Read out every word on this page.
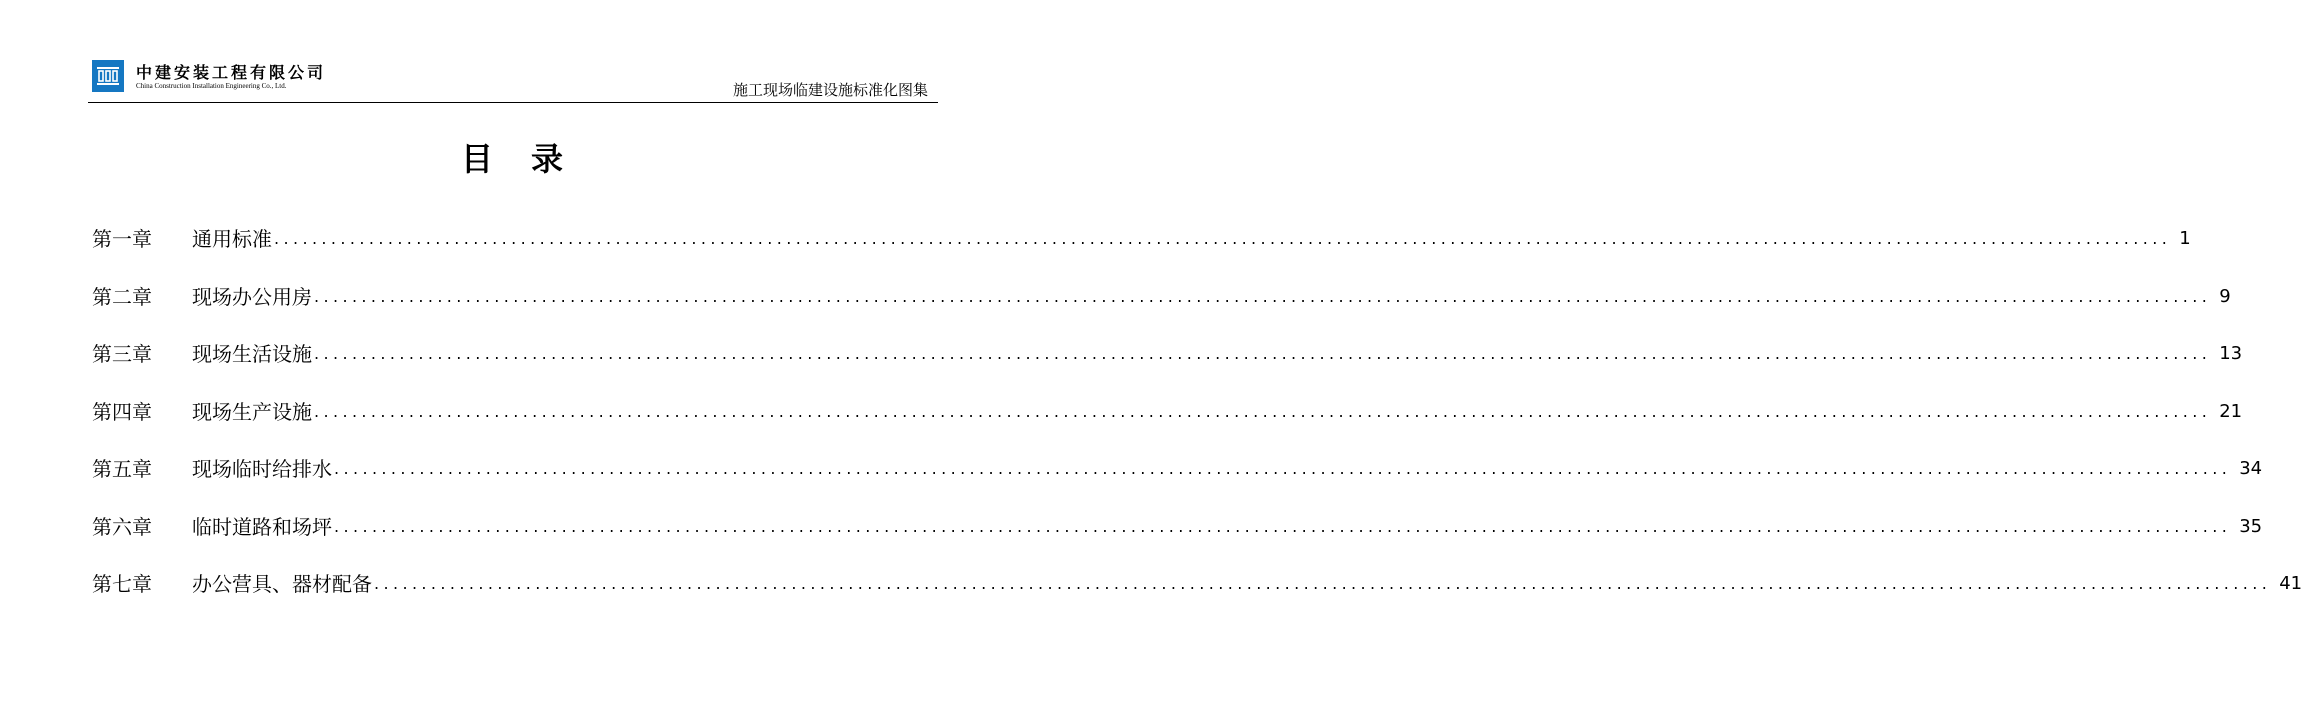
中建安装工程有限公司
China Construction Installation Engineering Co., Ltd.	施工现场临建设施标准化图集
目 录
第一章	通用标准 ........................................................................................................................................................................................................ 1
第二章	现场办公用房 ........................................................................................................................................................................................................ 9
第三章	现场生活设施 ........................................................................................................................................................................................................ 13
第四章	现场生产设施 ........................................................................................................................................................................................................ 21
第五章	现场临时给排水 ........................................................................................................................................................................................................ 34
第六章	临时道路和场坪 ........................................................................................................................................................................................................ 35
第七章	办公营具、器材配备 ........................................................................................................................................................................................................ 41
